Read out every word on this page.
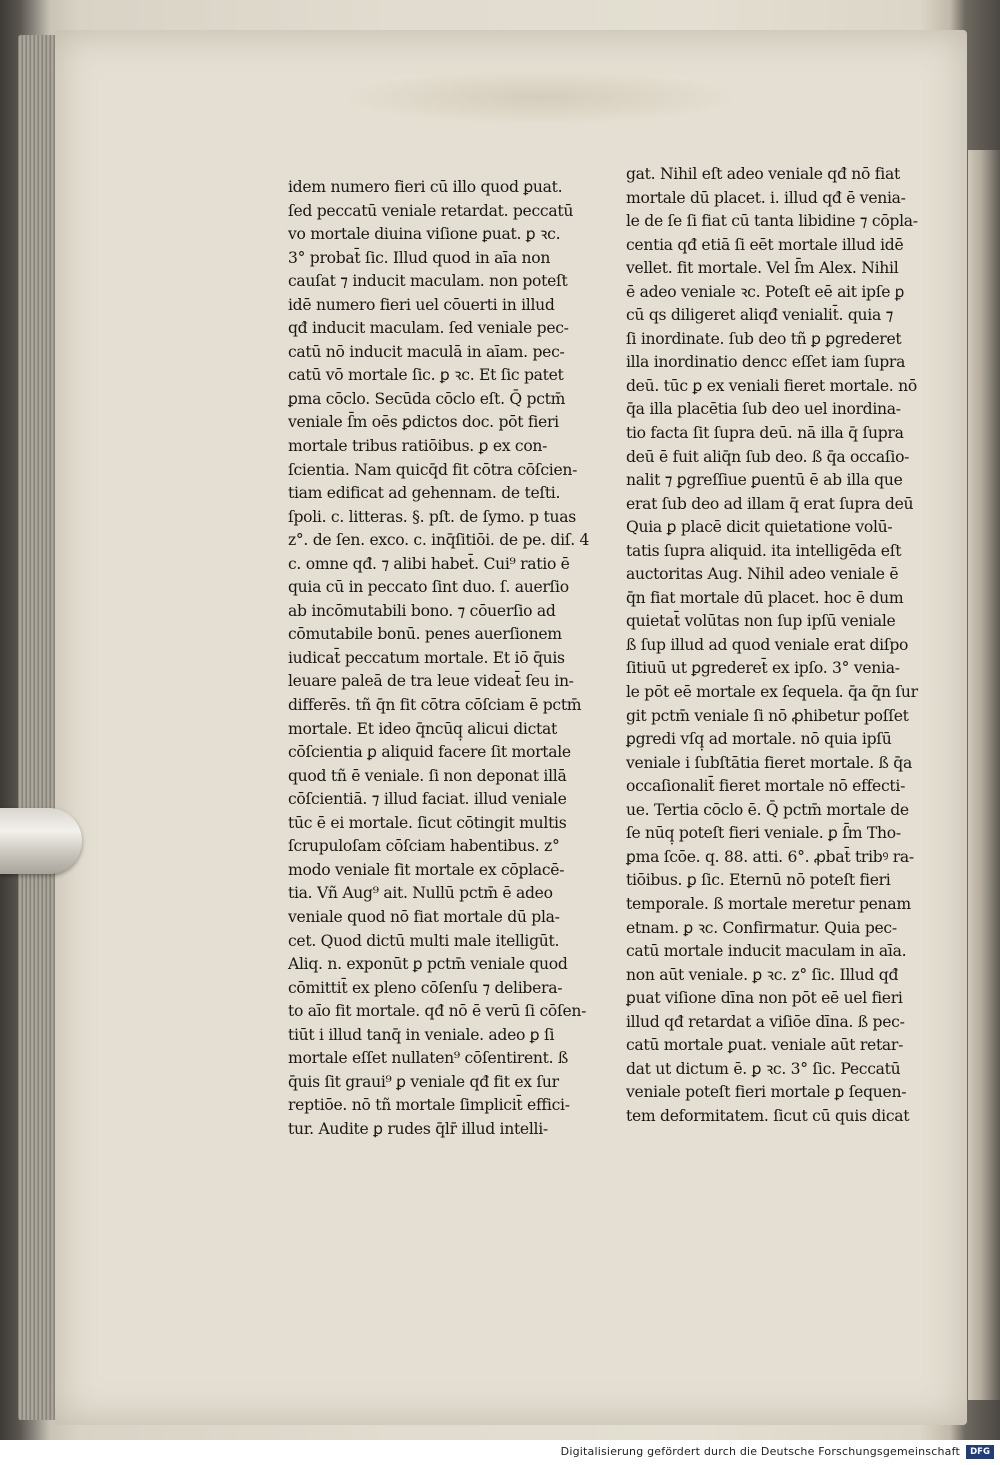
idem numero fieri cū illo quod ꝑuat.
ſed peccatū veniale retardat. peccatū
vo mortale diuina viſione ꝑuat. ꝑ ꝛc.
3° probat̄ ſic. Illud quod in aīa non
cauſat ⁊ inducit maculam. non poteſt
idē numero fieri uel cōuerti in illud
qđ inducit maculam. ſed veniale pec-
catū nō inducit maculā in aīam. pec-
catū vō mortale ſic. ꝑ ꝛc. Et ſic patet
ꝑma cōclo. Secūda cōclo eſt. Q̄ pctm̄
veniale ſ̄m oēs ꝑdictos doc. pōt fieri
mortale tribus ratiōibus. ꝑ ex con-
ſcientia. Nam quicq̄d fit cōtra cōſcien-
tiam edificat ad gehennam. de teſti.
ſpoli. c. litteras. §. pſt. de ſymo. p tuas
z°. de ſen. exco. c. inq̄ſitiōi. de pe. diſ. 4
c. omne qđ. ⁊ alibi habet̄. Cui⁹ ratio ē
quia cū in peccato ſint duo. ſ. auerſio
ab incōmutabili bono. ⁊ cōuerſio ad
cōmutabile bonū. penes auerſionem
iudicat̄ peccatum mortale. Et iō q̄uis
leuare paleā de tra leue videat̄ ſeu in-
differēs. tñ q̄n fit cōtra cōſciam ē pctm̄
mortale. Et ideo q̄ncūq̣ alicui dictat
cōſcientia ꝑ aliquid facere ſit mortale
quod tñ ē veniale. ſi non deponat illā
cōſcientiā. ⁊ illud faciat. illud veniale
tūc ē ei mortale. ſicut cōtingit multis
ſcrupuloſam cōſciam habentibus. z°
modo veniale fit mortale ex cōplacē-
tia. Vñ Aug⁹ ait. Nullū pctm̄ ē adeo
veniale quod nō fiat mortale dū pla-
cet. Quod dictū multi male itelligūt.
Aliq. n. exponūt ꝑ pctm̄ veniale quod
cōmittit̄ ex pleno cōſenſu ⁊ delibera-
to aīo fit mortale. qđ nō ē verū ſi cōſen-
tiūt i illud tanq̄ in veniale. adeo ꝑ ſi
mortale eſſet nullaten⁹ cōſentirent. ß
q̄uis ſit graui⁹ ꝑ veniale qđ fit ex ſur
reptiōe. nō tñ mortale ſimplicit̄ effici-
tur. Audite ꝑ rudes q̄lr̄ illud intelli-
gat. Nihil eſt adeo veniale qđ nō fiat
mortale dū placet. i. illud qđ ē venia-
le de ſe ſi fiat cū tanta libidine ⁊ cōpla-
centia qđ etiā ſi eēt mortale illud idē
vellet. fit mortale. Vel ſ̄m Alex. Nihil
ē adeo veniale ꝛc. Poteſt eē ait ipſe ꝑ
cū qs diligeret aliqđ venialit̄. quia ⁊
ſi inordinate. ſub deo tñ ꝑ ꝑgrederet
illa inordinatio dencc eſſet iam ſupra
deū. tūc ꝑ ex veniali fieret mortale. nō
q̄a illa placētia ſub deo uel inordina-
tio facta ſit ſupra deū. nā illa q̄ ſupra
deū ē fuit aliq̄n ſub deo. ß q̄a occaſio-
nalit ⁊ ꝑgreſſiue ꝑuentū ē ab illa que
erat ſub deo ad illam q̄ erat ſupra deū
Quia ꝑ placē dicit quietatione volū-
tatis ſupra aliquid. ita intelligēda eſt
auctoritas Aug. Nihil adeo veniale ē
q̄n fiat mortale dū placet. hoc ē dum
quietat̄ volūtas non ſup ipſū veniale
ß ſup illud ad quod veniale erat diſpo
ſitiuū ut ꝑgrederet̄ ex ipſo. 3° venia-
le pōt eē mortale ex ſequela. q̄a q̄n ſur
git pctm̄ veniale ſi nō ꝓhibetur poſſet
ꝑgredi vſq̣ ad mortale. nō quia ipſū
veniale i ſubſtātia fieret mortale. ß q̄a
occaſionalit̄ fieret mortale nō effecti-
ue. Tertia cōclo ē. Q̄ pctm̄ mortale de
ſe nūq̣ poteſt fieri veniale. ꝑ ſ̄m Tho-
ꝑma ſcōe. q. 88. atti. 6°. ꝓbat̄ tribꝰ ra-
tiōibus. ꝑ ſic. Eternū nō poteſt fieri
temporale. ß mortale meretur penam
etnam. ꝑ ꝛc. Confirmatur. Quia pec-
catū mortale inducit maculam in aīa.
non aūt veniale. ꝑ ꝛc. z° ſic. Illud qđ
ꝑuat viſione dīna non pōt eē uel fieri
illud qđ retardat a viſiōe dīna. ß pec-
catū mortale ꝑuat. veniale aūt retar-
dat ut dictum ē. ꝑ ꝛc. 3° ſic. Peccatū
veniale poteſt fieri mortale ꝑ ſequen-
tem deformitatem. ſicut cū quis dicat
Digitalisierung gefördert durch die Deutsche Forschungsgemeinschaft	DFG
